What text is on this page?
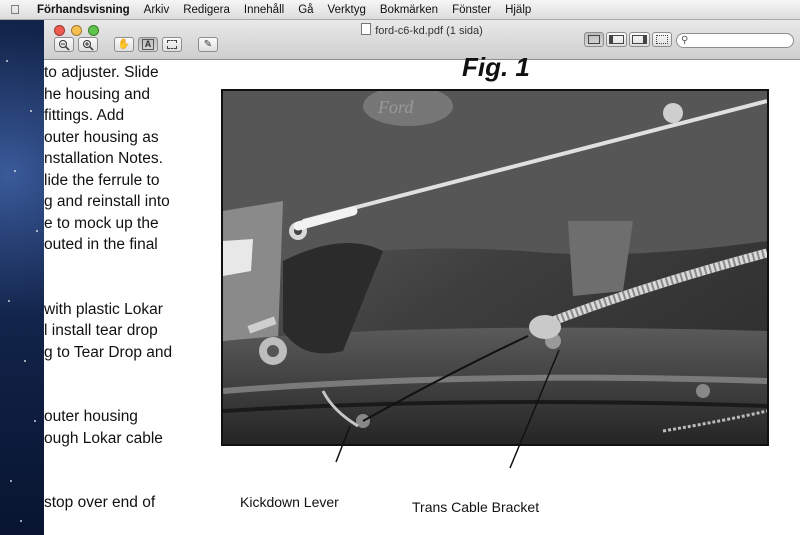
Förhandsvisning	Arkiv	Redigera	Innehåll	Gå	Verktyg	Bokmärken	Fönster	Hjälp
ford-c6-kd.pdf (1 sida)
✋	A	✎	⚲
to adjuster. Slide
he housing and
fittings. Add
outer housing as
nstallation Notes.
lide the ferrule to
g and reinstall into
e to mock up the
outed in the final
with plastic Lokar
l install tear drop
g to Tear Drop and
outer housing
ough Lokar cable
stop over end of
Fig. 1
Ford
Kickdown Lever	Trans Cable Bracket
